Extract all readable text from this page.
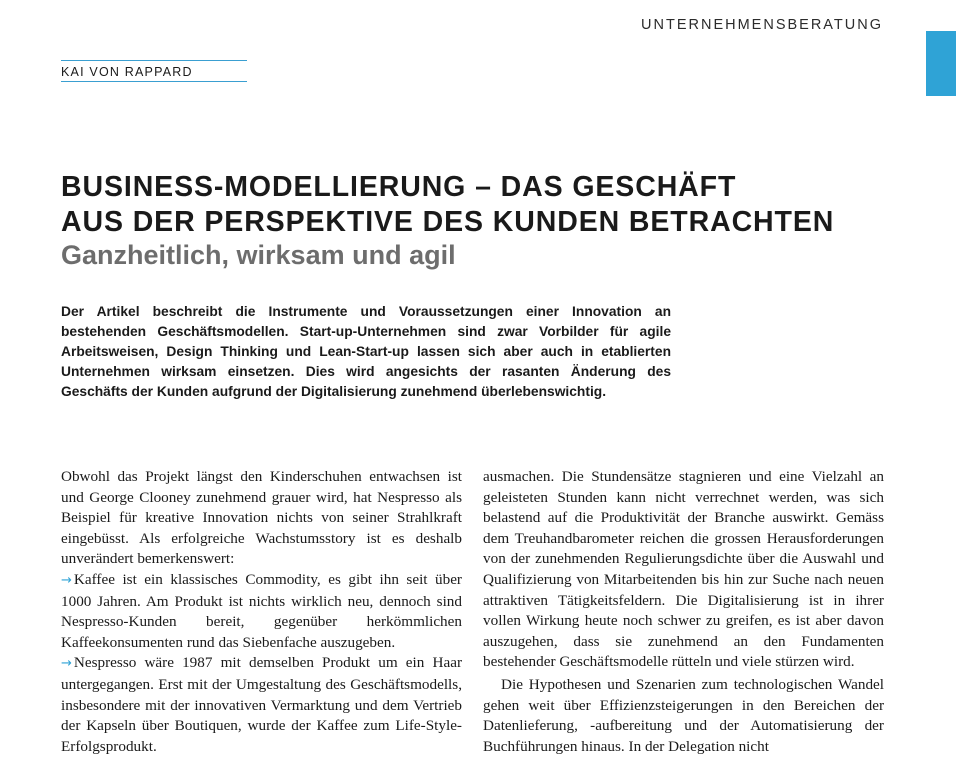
UNTERNEHMENSBERATUNG
KAI VON RAPPARD
BUSINESS-MODELLIERUNG – DAS GESCHÄFT
AUS DER PERSPEKTIVE DES KUNDEN BETRACHTEN
Ganzheitlich, wirksam und agil

Der Artikel beschreibt die Instrumente und Voraussetzungen einer Innovation an bestehenden Geschäftsmodellen. Start-up-Unternehmen sind zwar Vorbilder für agile Arbeitsweisen, Design Thinking und Lean-Start-up lassen sich aber auch in etablierten Unternehmen wirksam einsetzen. Dies wird angesichts der rasanten Änderung des Geschäfts der Kunden aufgrund der Digitalisierung zunehmend überlebenswichtig.

Obwohl das Projekt längst den Kinderschuhen entwachsen ist und George Clooney zunehmend grauer wird, hat Nespresso als Beispiel für kreative Innovation nichts von seiner Strahlkraft eingebüsst. Als erfolgreiche Wachstumsstory ist es deshalb unverändert bemerkenswert:

→ Kaffee ist ein klassisches Commodity, es gibt ihn seit über 1000 Jahren. Am Produkt ist nichts wirklich neu, dennoch sind Nespresso-Kunden bereit, gegenüber herkömmlichen Kaffeekonsumenten rund das Siebenfache auszugeben.

→ Nespresso wäre 1987 mit demselben Produkt um ein Haar untergegangen. Erst mit der Umgestaltung des Geschäftsmodells, insbesondere mit der innovativen Vermarktung und dem Vertrieb der Kapseln über Boutiquen, wurde der Kaffee zum Life-Style-Erfolgsprodukt.

ausmachen. Die Stundensätze stagnieren und eine Vielzahl an geleisteten Stunden kann nicht verrechnet werden, was sich belastend auf die Produktivität der Branche auswirkt. Gemäss dem Treuhandbarometer reichen die grossen Herausforderungen von der zunehmenden Regulierungsdichte über die Auswahl und Qualifizierung von Mitarbeitenden bis hin zur Suche nach neuen attraktiven Tätigkeitsfeldern. Die Digitalisierung ist in ihrer vollen Wirkung heute noch schwer zu greifen, es ist aber davon auszugehen, dass sie zunehmend an den Fundamenten bestehender Geschäftsmodelle rütteln und viele stürzen wird.

Die Hypothesen und Szenarien zum technologischen Wandel gehen weit über Effizienzsteigerungen in den Bereichen der Datenlieferung, -aufbereitung und der Automatisierung der Buchführungen hinaus. In der Delegation nicht
